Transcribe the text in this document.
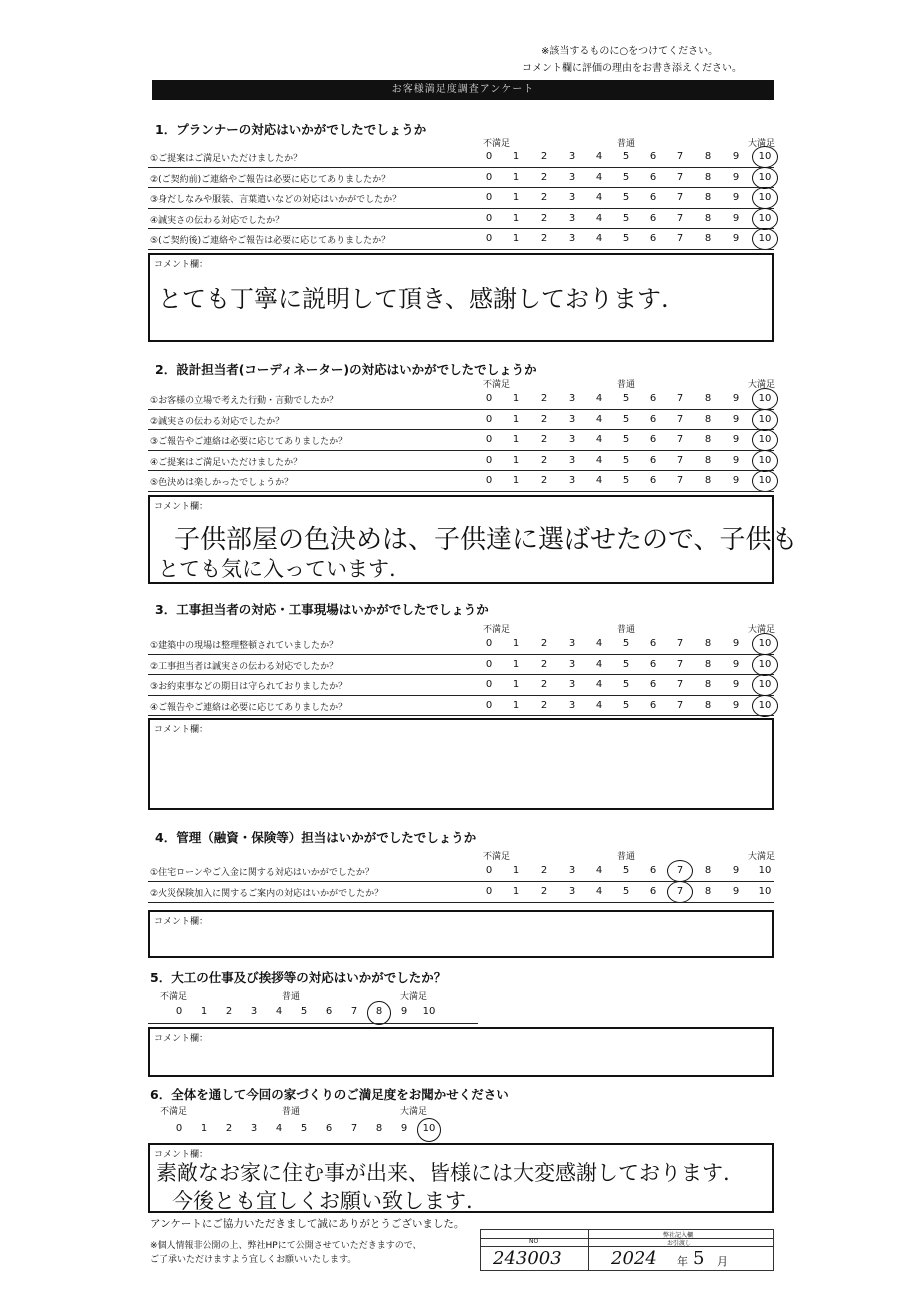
※該当するものに○をつけてください。
コメント欄に評価の理由をお書き添えください。
お客様満足度調査アンケート
1．プランナーの対応はいかがでしたでしょうか
不満足	普通	大満足
①ご提案はご満足いただけましたか？	0	1	2	3	4	5	6	7	8	9	10
②(ご契約前)ご連絡やご報告は必要に応じてありましたか？	0	1	2	3	4	5	6	7	8	9	10
③身だしなみや服装、言葉遣いなどの対応はいかがでしたか？	0	1	2	3	4	5	6	7	8	9	10
④誠実さの伝わる対応でしたか？	0	1	2	3	4	5	6	7	8	9	10
⑤(ご契約後)ご連絡やご報告は必要に応じてありましたか？	0	1	2	3	4	5	6	7	8	9	10
コメント欄：
とても丁寧に説明して頂き、感謝しております.
2．設計担当者(コーディネーター)の対応はいかがでしたでしょうか
不満足	普通	大満足
①お客様の立場で考えた行動・言動でしたか？	0	1	2	3	4	5	6	7	8	9	10
②誠実さの伝わる対応でしたか？	0	1	2	3	4	5	6	7	8	9	10
③ご報告やご連絡は必要に応じてありましたか？	0	1	2	3	4	5	6	7	8	9	10
④ご提案はご満足いただけましたか？	0	1	2	3	4	5	6	7	8	9	10
⑤色決めは楽しかったでしょうか？	0	1	2	3	4	5	6	7	8	9	10
コメント欄：
子供部屋の色決めは、子供達に選ばせたので、子供も
とても気に入っています.
3．工事担当者の対応・工事現場はいかがでしたでしょうか
不満足	普通	大満足
①建築中の現場は整理整頓されていましたか？	0	1	2	3	4	5	6	7	8	9	10
②工事担当者は誠実さの伝わる対応でしたか？	0	1	2	3	4	5	6	7	8	9	10
③お約束事などの期日は守られておりましたか？	0	1	2	3	4	5	6	7	8	9	10
④ご報告やご連絡は必要に応じてありましたか？	0	1	2	3	4	5	6	7	8	9	10
コメント欄：
4．管理（融資・保険等）担当はいかがでしたでしょうか
不満足	普通	大満足
①住宅ローンやご入金に関する対応はいかがでしたか？	0	1	2	3	4	5	6	7	8	9	10
②火災保険加入に関するご案内の対応はいかがでしたか？	0	1	2	3	4	5	6	7	8	9	10
コメント欄：
5．大工の仕事及び挨拶等の対応はいかがでしたか？
不満足	普通	大満足
0	1	2	3	4	5	6	7	8	9	10
コメント欄：
6．全体を通して今回の家づくりのご満足度をお聞かせください
不満足	普通	大満足
0	1	2	3	4	5	6	7	8	9	10
コメント欄：
素敵なお家に住む事が出来、皆様には大変感謝しております.
今後とも宜しくお願い致します.
アンケートにご協力いただきまして誠にありがとうございました。
※個人情報非公開の上、弊社HPにて公開させていただきますので、
ご了承いただけますよう宜しくお願いいたします。
NO
弊社記入欄
お引渡し
243003	2024 年 5 月
